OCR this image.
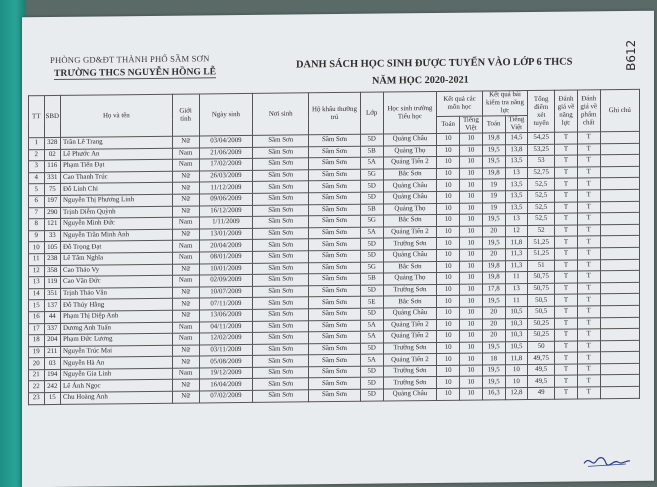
B612
PHÒNG GD&ĐT THÀNH PHỐ SẦM SƠN
TRƯỜNG THCS NGUYỄN HỒNG LỄ
DANH SÁCH HỌC SINH ĐƯỢC TUYỂN VÀO LỚP 6 THCS
NĂM HỌC 2020-2021
TT	SBD	Họ và tên	Giới tính	Ngày sinh	Nơi sinh	Hộ khẩu thường trú	Lớp	Học sinh trường Tiểu học	Kết quả các môn học		Kết quả bài kiểm tra năng lực		Tổng điểm xét tuyển	Đánh giá về năng lực	Đánh giá về phẩm chất	Ghi chú
									Toán	Tiếng Việt	Toán	Tiếng Việt				
1	328	Trần Lê Trang	Nữ	03/04/2009	Sầm Sơn	Sầm Sơn	5D	Quảng Châu	10	10	19,8	14,5	54,25	T	T	
2	02	Lê Phước An	Nam	21/06/2009	Sầm Sơn	Sầm Sơn	5B	Quảng Thọ	10	10	19,5	13,8	53,25	T	T	
3	116	Phạm Tiến Đạt	Nam	17/02/2009	Sầm Sơn	Sầm Sơn	5A	Quảng Tiến 2	10	10	19,5	13,5	53	T	T	
4	331	Cao Thanh Trúc	Nữ	26/03/2009	Sầm Sơn	Sầm Sơn	5G	Bắc Sơn	10	10	19,8	13	52,75	T	T	
5	75	Đỗ Linh Chi	Nữ	11/12/2009	Sầm Sơn	Sầm Sơn	5D	Quảng Châu	10	10	19	13,5	52,5	T	T	
6	197	Nguyễn Thị Phương Linh	Nữ	09/06/2009	Sầm Sơn	Sầm Sơn	5D	Quảng Châu	10	10	19	13,5	52,5	T	T	
7	290	Trịnh Diễm Quỳnh	Nữ	16/12/2009	Sầm Sơn	Sầm Sơn	5B	Quảng Thọ	10	10	19	13,5	52,5	T	T	
8	121	Nguyễn Minh Đức	Nam	1/11/2009	Sầm Sơn	Sầm Sơn	5G	Bắc Sơn	10	10	19,5	13	52,5	T	T	
9	33	Nguyễn Trần Minh Anh	Nữ	13/01/2009	Sầm Sơn	Sầm Sơn	5A	Quảng Tiến 2	10	10	20	12	52	T	T	
10	105	Đỗ Trọng Đạt	Nam	20/04/2009	Sầm Sơn	Sầm Sơn	5D	Trường Sơn	10	10	19,5	11,8	51,25	T	T	
11	238	Lê Tâm Nghĩa	Nam	08/01/2009	Sầm Sơn	Sầm Sơn	5D	Quảng Châu	10	10	20	11,3	51,25	T	T	
12	358	Cao Thảo Vy	Nữ	10/01/2009	Sầm Sơn	Sầm Sơn	5G	Bắc Sơn	10	10	19,8	11,3	51	T	T	
13	119	Cao Văn Đức	Nam	02/09/2009	Sầm Sơn	Sầm Sơn	5B	Quảng Thọ	10	10	19,8	11	50,75	T	T	
14	351	Trịnh Thảo Vân	Nữ	10/07/2009	Sầm Sơn	Sầm Sơn	5D	Trường Sơn	10	10	17,8	13	50,75	T	T	
15	137	Đỗ Thúy Hằng	Nữ	07/11/2009	Sầm Sơn	Sầm Sơn	5E	Bắc Sơn	10	10	19,5	11	50,5	T	T	
16	44	Phạm Thị Diệp Anh	Nữ	13/06/2009	Sầm Sơn	Sầm Sơn	5D	Quảng Châu	10	10	20	10,5	50,5	T	T	
17	337	Dương Anh Tuấn	Nam	04/11/2009	Sầm Sơn	Sầm Sơn	5A	Quảng Tiến 2	10	10	20	10,3	50,25	T	T	
18	204	Phạm Đức Lương	Nam	12/02/2009	Sầm Sơn	Sầm Sơn	5A	Quảng Tiến 2	10	10	20	10,3	50,25	T	T	
19	211	Nguyễn Trúc Mai	Nữ	03/11/2009	Sầm Sơn	Sầm Sơn	5D	Trường Sơn	10	10	19,5	10,5	50	T	T	
20	03	Nguyễn Hà An	Nữ	05/08/2009	Sầm Sơn	Sầm Sơn	5A	Quảng Tiến 2	10	10	18	11,8	49,75	T	T	
21	194	Nguyễn Gia Linh	Nam	19/12/2009	Sầm Sơn	Sầm Sơn	5D	Trường Sơn	10	10	19,5	10	49,5	T	T	
22	242	Lê Ánh Ngọc	Nữ	16/04/2009	Sầm Sơn	Sầm Sơn	5D	Trường Sơn	10	10	19,5	10	49,5	T	T	
23	15	Chu Hoàng Anh	Nữ	07/02/2009	Sầm Sơn	Sầm Sơn	5D	Quảng Châu	10	10	16,3	12,8	49	T	T	
